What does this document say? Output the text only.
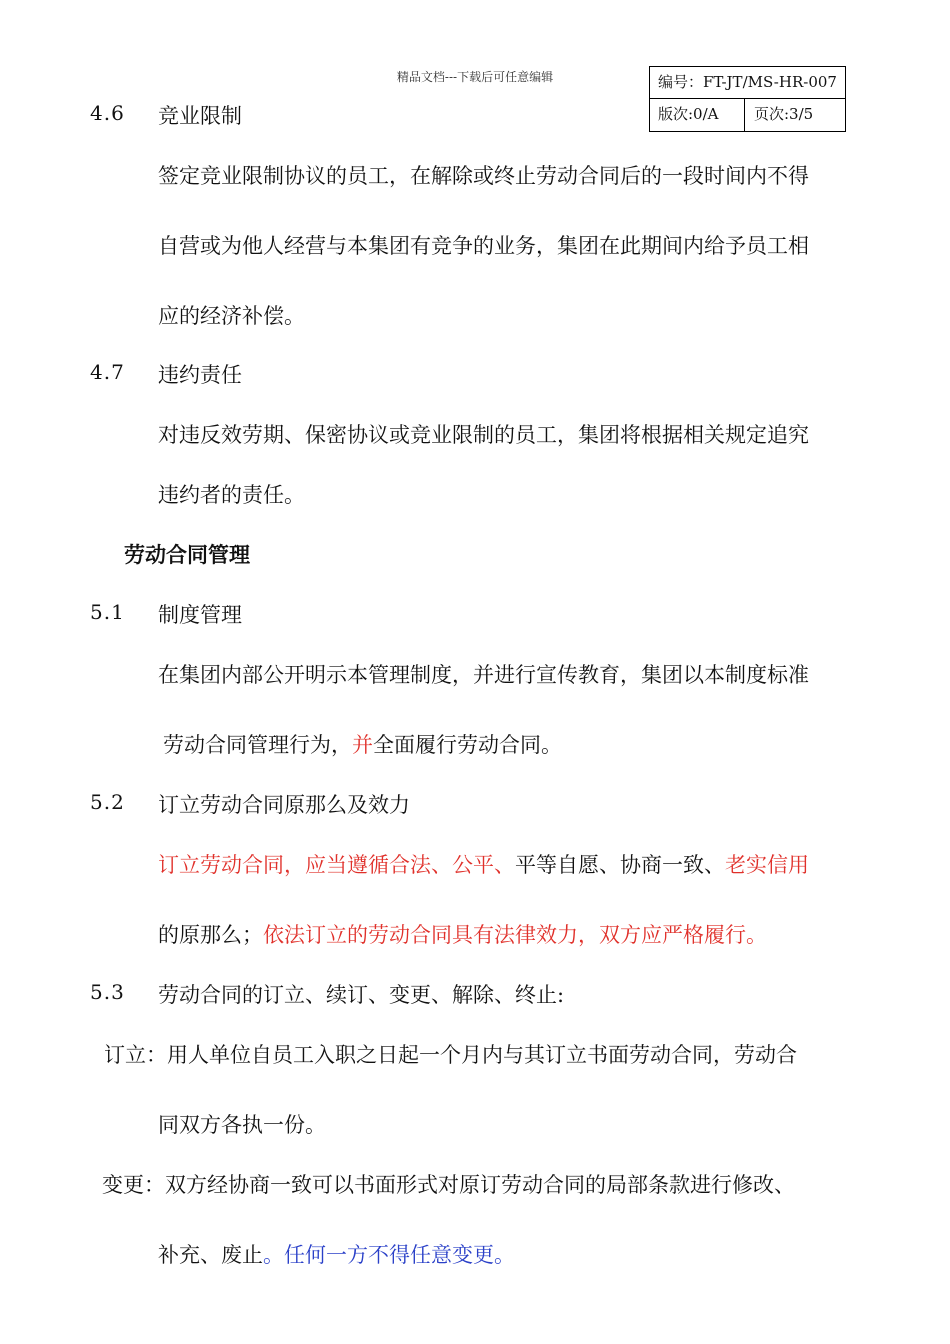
精品文档---下载后可任意编辑	编号：FT-JT/MS-HR-007
版次:0/A	页次:3/5
4.6 竞业限制
签定竞业限制协议的员工，在解除或终止劳动合同后的一段时间内不得
自营或为他人经营与本集团有竞争的业务，集团在此期间内给予员工相
应的经济补偿。
4.7 违约责任
对违反效劳期、保密协议或竞业限制的员工，集团将根据相关规定追究
违约者的责任。
劳动合同管理
5.1 制度管理
在集团内部公开明示本管理制度，并进行宣传教育，集团以本制度标准
劳动合同管理行为，并全面履行劳动合同。
5.2 订立劳动合同原那么及效力
订立劳动合同，应当遵循合法、公平、平等自愿、协商一致、老实信用
的原那么；依法订立的劳动合同具有法律效力，双方应严格履行。
5.3 劳动合同的订立、续订、变更、解除、终止:
订立：用人单位自员工入职之日起一个月内与其订立书面劳动合同，劳动合
同双方各执一份。
变更：双方经协商一致可以书面形式对原订劳动合同的局部条款进行修改、
补充、废止。任何一方不得任意变更。
